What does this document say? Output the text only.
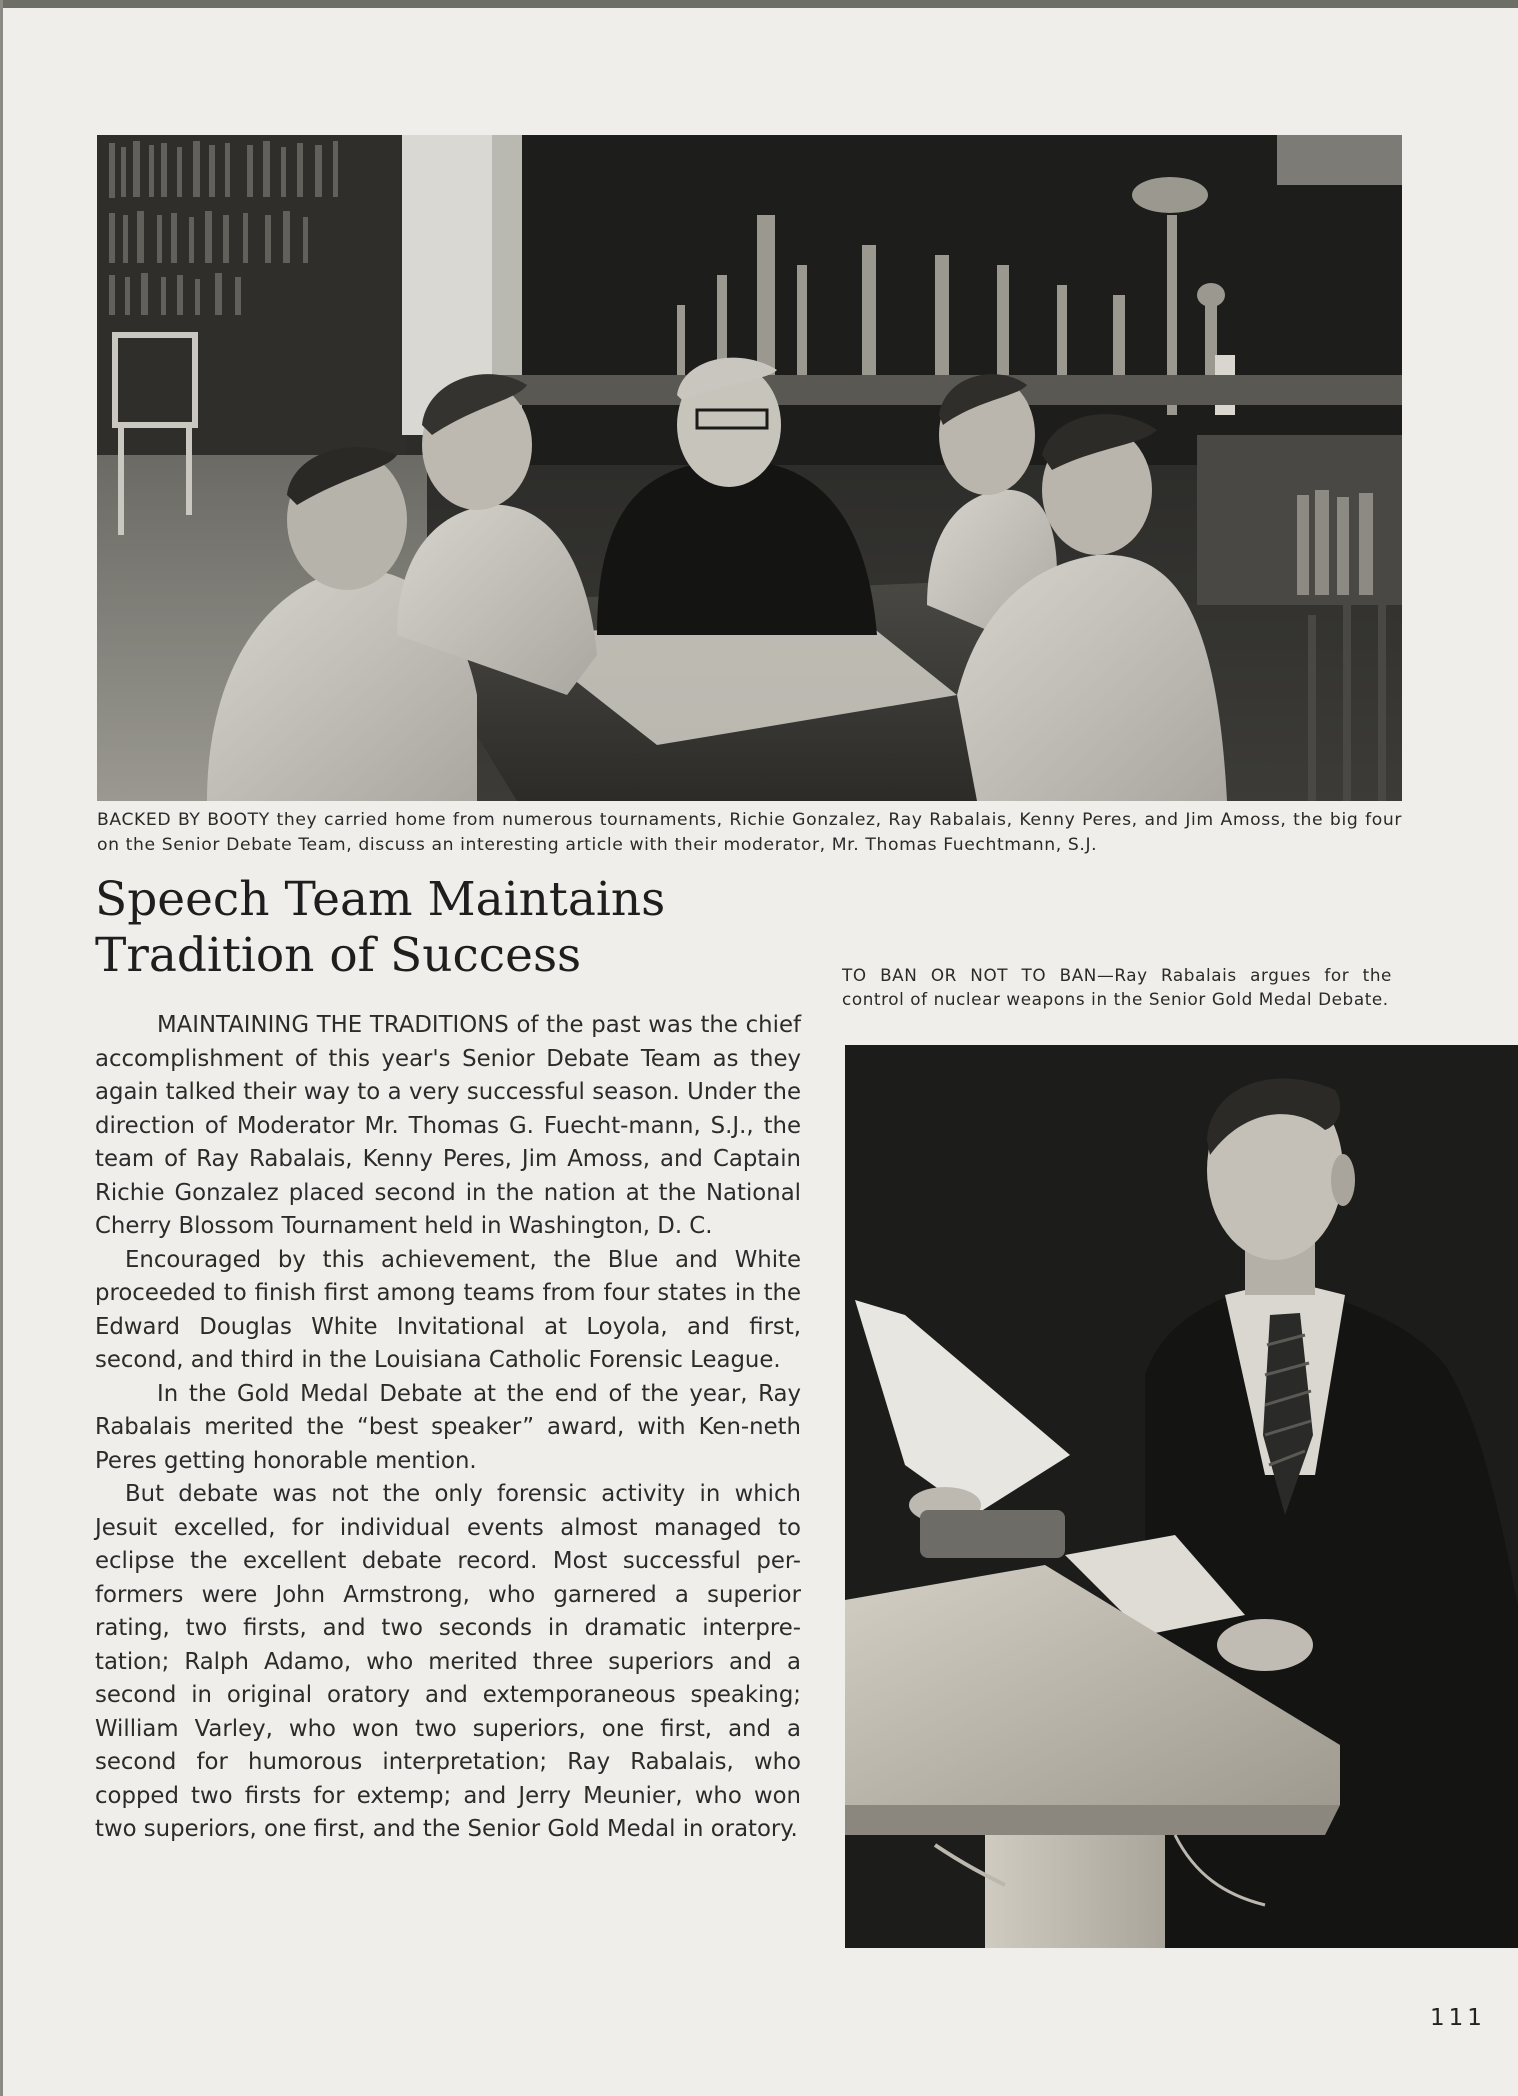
BACKED BY BOOTY they carried home from numerous tournaments, Richie Gonzalez, Ray Rabalais, Kenny Peres, and Jim Amoss, the big four on the Senior Debate Team, discuss an interesting article with their moderator, Mr. Thomas Fuechtmann, S.J.
Speech Team Maintains
Tradition of Success	TO BAN OR NOT TO BAN—Ray Rabalais argues for the control of nuclear weapons in the Senior Gold Medal Debate.

MAINTAINING THE TRADITIONS of the past was the chief accomplishment of this year's Senior Debate Team as they again talked their way to a very successful season. Under the direction of Moderator Mr. Thomas G. Fuecht-mann, S.J., the team of Ray Rabalais, Kenny Peres, Jim Amoss, and Captain Richie Gonzalez placed second in the nation at the National Cherry Blossom Tournament held in Washington, D. C.

Encouraged by this achievement, the Blue and White proceeded to finish first among teams from four states in the Edward Douglas White Invitational at Loyola, and first, second, and third in the Louisiana Catholic Forensic League.

In the Gold Medal Debate at the end of the year, Ray Rabalais merited the “best speaker” award, with Ken-neth Peres getting honorable mention.

But debate was not the only forensic activity in which Jesuit excelled, for individual events almost managed to eclipse the excellent debate record. Most successful per-formers were John Armstrong, who garnered a superior rating, two firsts, and two seconds in dramatic interpre-tation; Ralph Adamo, who merited three superiors and a second in original oratory and extemporaneous speaking; William Varley, who won two superiors, one first, and a second for humorous interpretation; Ray Rabalais, who copped two firsts for extemp; and Jerry Meunier, who won two superiors, one first, and the Senior Gold Medal in oratory.

111
